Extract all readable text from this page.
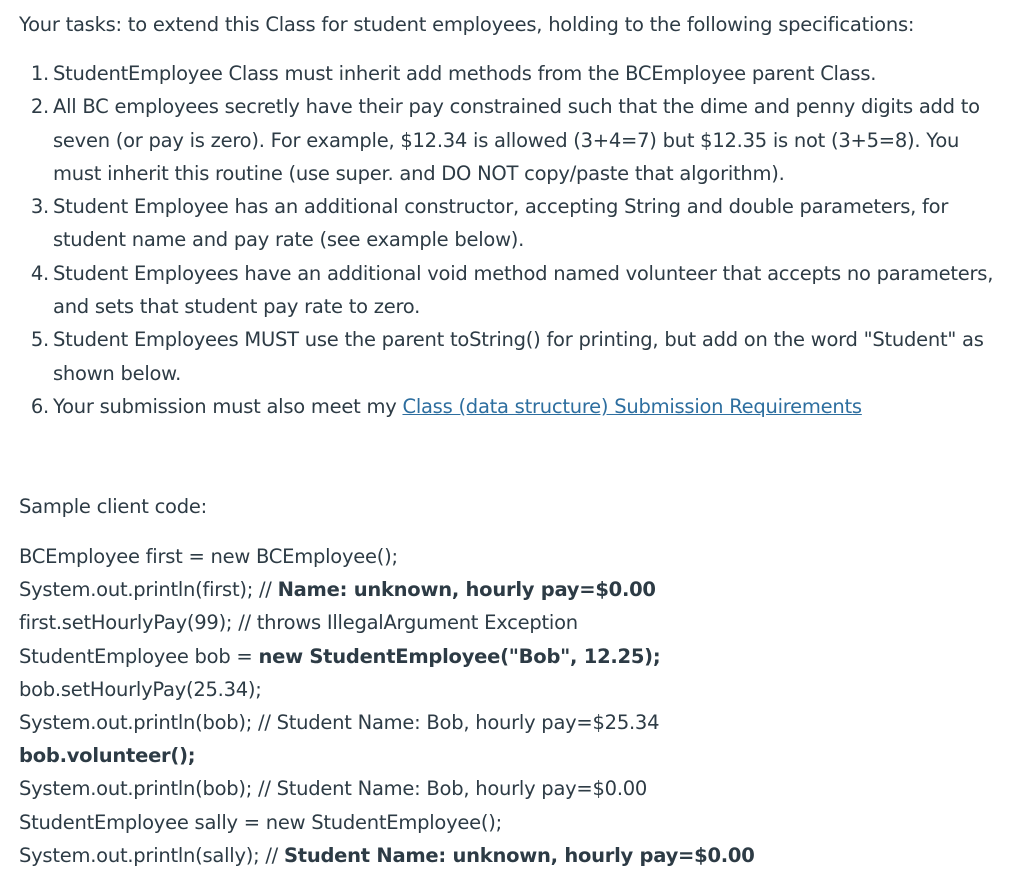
Your tasks: to extend this Class for student employees, holding to the following specifications:

1. StudentEmployee Class must inherit add methods from the BCEmployee parent Class.
2. All BC employees secretly have their pay constrained such that the dime and penny digits add to seven (or pay is zero). For example, $12.34 is allowed (3+4=7) but $12.35 is not (3+5=8). You must inherit this routine (use super. and DO NOT copy/paste that algorithm).
3. Student Employee has an additional constructor, accepting String and double parameters, for student name and pay rate (see example below).
4. Student Employees have an additional void method named volunteer that accepts no parameters, and sets that student pay rate to zero.
5. Student Employees MUST use the parent toString() for printing, but add on the word "Student" as shown below.
6. Your submission must also meet my Class (data structure) Submission Requirements

Sample client code:

BCEmployee first = new BCEmployee();
System.out.println(first); // Name: unknown, hourly pay=$0.00
first.setHourlyPay(99); // throws IllegalArgument Exception
StudentEmployee bob = new StudentEmployee("Bob", 12.25);
bob.setHourlyPay(25.34);
System.out.println(bob); // Student Name: Bob, hourly pay=$25.34
bob.volunteer();
System.out.println(bob); // Student Name: Bob, hourly pay=$0.00
StudentEmployee sally = new StudentEmployee();
System.out.println(sally); // Student Name: unknown, hourly pay=$0.00
